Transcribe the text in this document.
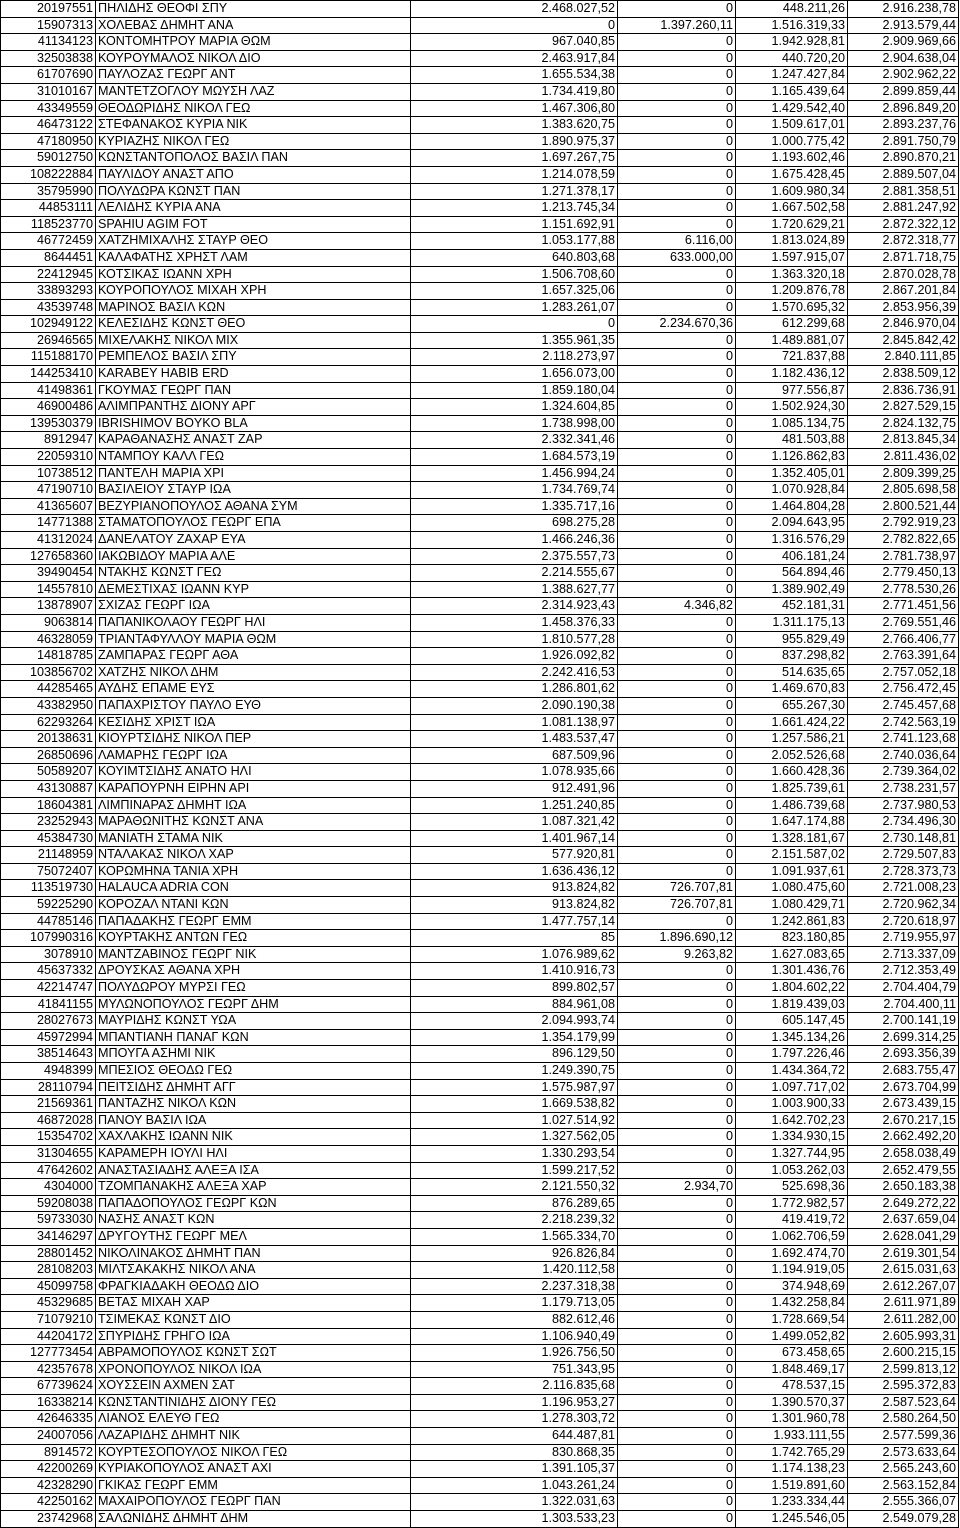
20197551	ΠΗΛΙΔΗΣ ΘΕΟΦΙ ΣΠΥ	2.468.027,52	0	448.211,26	2.916.238,78
15907313	ΧΟΛΕΒΑΣ ΔΗΜΗΤ ΑΝΑ	0	1.397.260,11	1.516.319,33	2.913.579,44
41134123	ΚΟΝΤΟΜΗΤΡΟΥ ΜΑΡΙΑ ΘΩΜ	967.040,85	0	1.942.928,81	2.909.969,66
32503838	ΚΟΥΡΟΥΜΑΛΟΣ ΝΙΚΟΛ ΔΙΟ	2.463.917,84	0	440.720,20	2.904.638,04
61707690	ΠΑΥΛΟΖΑΣ ΓΕΩΡΓ ΑΝΤ	1.655.534,38	0	1.247.427,84	2.902.962,22
31010167	ΜΑΝΤΕΤΖΟΓΛΟΥ ΜΩΥΣΗ ΛΑΖ	1.734.419,80	0	1.165.439,64	2.899.859,44
43349559	ΘΕΟΔΩΡΙΔΗΣ ΝΙΚΟΛ ΓΕΩ	1.467.306,80	0	1.429.542,40	2.896.849,20
46473122	ΣΤΕΦΑΝΑΚΟΣ ΚΥΡΙΑ ΝΙΚ	1.383.620,75	0	1.509.617,01	2.893.237,76
47180950	ΚΥΡΙΑΖΗΣ ΝΙΚΟΛ ΓΕΩ	1.890.975,37	0	1.000.775,42	2.891.750,79
59012750	ΚΩΝΣΤΑΝΤΟΠΟΛΟΣ ΒΑΣΙΛ ΠΑΝ	1.697.267,75	0	1.193.602,46	2.890.870,21
108222884	ΠΑΥΛΙΔΟΥ ΑΝΑΣΤ ΑΠΟ	1.214.078,59	0	1.675.428,45	2.889.507,04
35795990	ΠΟΛΥΔΩΡΑ ΚΩΝΣΤ ΠΑΝ	1.271.378,17	0	1.609.980,34	2.881.358,51
44853111	ΛΕΛΙΔΗΣ ΚΥΡΙΑ ΑΝΑ	1.213.745,34	0	1.667.502,58	2.881.247,92
118523770	SPAHIU AGIM FOT	1.151.692,91	0	1.720.629,21	2.872.322,12
46772459	ΧΑΤΖΗΜΙΧΑΛΗΣ ΣΤΑΥΡ ΘΕΟ	1.053.177,88	6.116,00	1.813.024,89	2.872.318,77
8644451	ΚΑΛΑΦΑΤΗΣ ΧΡΗΣΤ ΛΑΜ	640.803,68	633.000,00	1.597.915,07	2.871.718,75
22412945	ΚΟΤΣΙΚΑΣ ΙΩΑΝΝ ΧΡΗ	1.506.708,60	0	1.363.320,18	2.870.028,78
33893293	ΚΟΥΡΟΠΟΥΛΟΣ ΜΙΧΑΗ ΧΡΗ	1.657.325,06	0	1.209.876,78	2.867.201,84
43539748	ΜΑΡΙΝΟΣ ΒΑΣΙΛ ΚΩΝ	1.283.261,07	0	1.570.695,32	2.853.956,39
102949122	ΚΕΛΕΣΙΔΗΣ ΚΩΝΣΤ ΘΕΟ	0	2.234.670,36	612.299,68	2.846.970,04
26946565	ΜΙΧΕΛΑΚΗΣ ΝΙΚΟΛ ΜΙΧ	1.355.961,35	0	1.489.881,07	2.845.842,42
115188170	ΡΕΜΠΕΛΟΣ ΒΑΣΙΛ ΣΠΥ	2.118.273,97	0	721.837,88	2.840.111,85
144253410	KARABEY HABIB ERD	1.656.073,00	0	1.182.436,12	2.838.509,12
41498361	ΓΚΟΥΜΑΣ ΓΕΩΡΓ ΠΑΝ	1.859.180,04	0	977.556,87	2.836.736,91
46900486	ΑΛΙΜΠΡΑΝΤΗΣ ΔΙΟΝΥ ΑΡΓ	1.324.604,85	0	1.502.924,30	2.827.529,15
139530379	IBRISHIMOV BOYKO BLA	1.738.998,00	0	1.085.134,75	2.824.132,75
8912947	ΚΑΡΑΘΑΝΑΣΗΣ ΑΝΑΣΤ ΖΑΡ	2.332.341,46	0	481.503,88	2.813.845,34
22059310	ΝΤΑΜΠΟΥ ΚΑΛΛ ΓΕΩ	1.684.573,19	0	1.126.862,83	2.811.436,02
10738512	ΠΑΝΤΕΛΗ ΜΑΡΙΑ ΧΡΙ	1.456.994,24	0	1.352.405,01	2.809.399,25
47190710	ΒΑΣΙΛΕΙΟΥ ΣΤΑΥΡ ΙΩΑ	1.734.769,74	0	1.070.928,84	2.805.698,58
41365607	ΒΕΖΥΡΙΑΝΟΠΟΥΛΟΣ ΑΘΑΝΑ ΣΥΜ	1.335.717,16	0	1.464.804,28	2.800.521,44
14771388	ΣΤΑΜΑΤΟΠΟΥΛΟΣ ΓΕΩΡΓ ΕΠΑ	698.275,28	0	2.094.643,95	2.792.919,23
41312024	ΔΑΝΕΛΑΤΟΥ ΖΑΧΑΡ ΕΥΑ	1.466.246,36	0	1.316.576,29	2.782.822,65
127658360	ΙΑΚΩΒΙΔΟΥ ΜΑΡΙΑ ΑΛΕ	2.375.557,73	0	406.181,24	2.781.738,97
39490454	ΝΤΑΚΗΣ ΚΩΝΣΤ ΓΕΩ	2.214.555,67	0	564.894,46	2.779.450,13
14557810	ΔΕΜΕΣΤΙΧΑΣ ΙΩΑΝΝ ΚΥΡ	1.388.627,77	0	1.389.902,49	2.778.530,26
13878907	ΣΧΙΖΑΣ ΓΕΩΡΓ ΙΩΑ	2.314.923,43	4.346,82	452.181,31	2.771.451,56
9063814	ΠΑΠΑΝΙΚΟΛΑΟΥ ΓΕΩΡΓ ΗΛΙ	1.458.376,33	0	1.311.175,13	2.769.551,46
46328059	ΤΡΙΑΝΤΑΦΥΛΛΟΥ ΜΑΡΙΑ ΘΩΜ	1.810.577,28	0	955.829,49	2.766.406,77
14818785	ΖΑΜΠΑΡΑΣ ΓΕΩΡΓ ΑΘΑ	1.926.092,82	0	837.298,82	2.763.391,64
103856702	ΧΑΤΖΗΣ ΝΙΚΟΛ ΔΗΜ	2.242.416,53	0	514.635,65	2.757.052,18
44285465	ΑΥΔΗΣ ΕΠΑΜΕ ΕΥΣ	1.286.801,62	0	1.469.670,83	2.756.472,45
43382950	ΠΑΠΑΧΡΙΣΤΟΥ ΠΑΥΛΟ ΕΥΘ	2.090.190,38	0	655.267,30	2.745.457,68
62293264	ΚΕΣΙΔΗΣ ΧΡΙΣΤ ΙΩΑ	1.081.138,97	0	1.661.424,22	2.742.563,19
20138631	ΚΙΟΥΡΤΣΙΔΗΣ ΝΙΚΟΛ ΠΕΡ	1.483.537,47	0	1.257.586,21	2.741.123,68
26850696	ΛΑΜΑΡΗΣ ΓΕΩΡΓ ΙΩΑ	687.509,96	0	2.052.526,68	2.740.036,64
50589207	ΚΟΥΙΜΤΣΙΔΗΣ ΑΝΑΤΟ ΗΛΙ	1.078.935,66	0	1.660.428,36	2.739.364,02
43130887	ΚΑΡΑΠΟΥΡΝΗ ΕΙΡΗΝ ΑΡΙ	912.491,96	0	1.825.739,61	2.738.231,57
18604381	ΛΙΜΠΙΝΑΡΑΣ ΔΗΜΗΤ ΙΩΑ	1.251.240,85	0	1.486.739,68	2.737.980,53
23252943	ΜΑΡΑΘΩΝΙΤΗΣ ΚΩΝΣΤ ΑΝΑ	1.087.321,42	0	1.647.174,88	2.734.496,30
45384730	ΜΑΝΙΑΤΗ ΣΤΑΜΑ ΝΙΚ	1.401.967,14	0	1.328.181,67	2.730.148,81
21148959	ΝΤΑΛΑΚΑΣ ΝΙΚΟΛ ΧΑΡ	577.920,81	0	2.151.587,02	2.729.507,83
75072407	ΚΟΡΩΜΗΝΑ ΤΑΝΙΑ ΧΡΗ	1.636.436,12	0	1.091.937,61	2.728.373,73
113519730	HALAUCA ADRIA CON	913.824,82	726.707,81	1.080.475,60	2.721.008,23
59225290	ΚΟΡΟΖΑΛ ΝΤΑΝΙ ΚΩΝ	913.824,82	726.707,81	1.080.429,71	2.720.962,34
44785146	ΠΑΠΑΔΑΚΗΣ ΓΕΩΡΓ ΕΜΜ	1.477.757,14	0	1.242.861,83	2.720.618,97
107990316	ΚΟΥΡΤΑΚΗΣ ΑΝΤΩΝ ΓΕΩ	85	1.896.690,12	823.180,85	2.719.955,97
3078910	ΜΑΝΤΖΑΒΙΝΟΣ ΓΕΩΡΓ ΝΙΚ	1.076.989,62	9.263,82	1.627.083,65	2.713.337,09
45637332	ΔΡΟΥΣΚΑΣ ΑΘΑΝΑ ΧΡΗ	1.410.916,73	0	1.301.436,76	2.712.353,49
42214747	ΠΟΛΥΔΩΡΟΥ ΜΥΡΣΙ ΓΕΩ	899.802,57	0	1.804.602,22	2.704.404,79
41841155	ΜΥΛΩΝΟΠΟΥΛΟΣ ΓΕΩΡΓ ΔΗΜ	884.961,08	0	1.819.439,03	2.704.400,11
28027673	ΜΑΥΡΙΔΗΣ ΚΩΝΣΤ ΥΩΑ	2.094.993,74	0	605.147,45	2.700.141,19
45972994	ΜΠΑΝΤΙΑΝΗ ΠΑΝΑΓ ΚΩΝ	1.354.179,99	0	1.345.134,26	2.699.314,25
38514643	ΜΠΟΥΓΑ ΑΣΗΜΙ ΝΙΚ	896.129,50	0	1.797.226,46	2.693.356,39
4948399	ΜΠΕΣΙΟΣ ΘΕΟΔΩ ΓΕΩ	1.249.390,75	0	1.434.364,72	2.683.755,47
28110794	ΠΕΙΤΣΙΔΗΣ ΔΗΜΗΤ ΑΓΓ	1.575.987,97	0	1.097.717,02	2.673.704,99
21569361	ΠΑΝΤΑΖΗΣ ΝΙΚΟΛ ΚΩΝ	1.669.538,82	0	1.003.900,33	2.673.439,15
46872028	ΠΑΝΟΥ ΒΑΣΙΛ ΙΩΑ	1.027.514,92	0	1.642.702,23	2.670.217,15
15354702	ΧΑΧΛΑΚΗΣ ΙΩΑΝΝ ΝΙΚ	1.327.562,05	0	1.334.930,15	2.662.492,20
31304655	ΚΑΡΑΜΕΡΗ ΙΟΥΛΙ ΗΛΙ	1.330.293,54	0	1.327.744,95	2.658.038,49
47642602	ΑΝΑΣΤΑΣΙΑΔΗΣ ΑΛΕΞΑ ΙΣΑ	1.599.217,52	0	1.053.262,03	2.652.479,55
4304000	ΤΖΟΜΠΑΝΑΚΗΣ ΑΛΕΞΑ ΧΑΡ	2.121.550,32	2.934,70	525.698,36	2.650.183,38
59208038	ΠΑΠΑΔΟΠΟΥΛΟΣ ΓΕΩΡΓ ΚΩΝ	876.289,65	0	1.772.982,57	2.649.272,22
59733030	ΝΑΣΗΣ ΑΝΑΣΤ ΚΩΝ	2.218.239,32	0	419.419,72	2.637.659,04
34146297	ΔΡΥΓΟΥΤΗΣ ΓΕΩΡΓ ΜΕΛ	1.565.334,70	0	1.062.706,59	2.628.041,29
28801452	ΝΙΚΟΛΙΝΑΚΟΣ ΔΗΜΗΤ ΠΑΝ	926.826,84	0	1.692.474,70	2.619.301,54
28108203	ΜΙΛΤΣΑΚΑΚΗΣ ΝΙΚΟΛ ΑΝΑ	1.420.112,58	0	1.194.919,05	2.615.031,63
45099758	ΦΡΑΓΚΙΑΔΑΚΗ ΘΕΟΔΩ ΔΙΟ	2.237.318,38	0	374.948,69	2.612.267,07
45329685	ΒΕΤΑΣ ΜΙΧΑΗ ΧΑΡ	1.179.713,05	0	1.432.258,84	2.611.971,89
71079210	ΤΣΙΜΕΚΑΣ ΚΩΝΣΤ ΔΙΟ	882.612,46	0	1.728.669,54	2.611.282,00
44204172	ΣΠΥΡΙΔΗΣ ΓΡΗΓΟ ΙΩΑ	1.106.940,49	0	1.499.052,82	2.605.993,31
127773454	ΑΒΡΑΜΟΠΟΥΛΟΣ ΚΩΝΣΤ ΣΩΤ	1.926.756,50	0	673.458,65	2.600.215,15
42357678	ΧΡΟΝΟΠΟΥΛΟΣ ΝΙΚΟΛ ΙΩΑ	751.343,95	0	1.848.469,17	2.599.813,12
67739624	ΧΟΥΣΣΕΙΝ ΑΧΜΕΝ ΣΑΤ	2.116.835,68	0	478.537,15	2.595.372,83
16338214	ΚΩΝΣΤΑΝΤΙΝΙΔΗΣ ΔΙΟΝΥ ΓΕΩ	1.196.953,27	0	1.390.570,37	2.587.523,64
42646335	ΛΙΑΝΟΣ ΕΛΕΥΘ ΓΕΩ	1.278.303,72	0	1.301.960,78	2.580.264,50
24007056	ΛΑΖΑΡΙΔΗΣ ΔΗΜΗΤ ΝΙΚ	644.487,81	0	1.933.111,55	2.577.599,36
8914572	ΚΟΥΡΤΕΣΟΠΟΥΛΟΣ ΝΙΚΟΛ ΓΕΩ	830.868,35	0	1.742.765,29	2.573.633,64
42200269	ΚΥΡΙΑΚΟΠΟΥΛΟΣ ΑΝΑΣΤ ΑΧΙ	1.391.105,37	0	1.174.138,23	2.565.243,60
42328290	ΓΚΙΚΑΣ ΓΕΩΡΓ ΕΜΜ	1.043.261,24	0	1.519.891,60	2.563.152,84
42250162	ΜΑΧΑΙΡΟΠΟΥΛΟΣ ΓΕΩΡΓ ΠΑΝ	1.322.031,63	0	1.233.334,44	2.555.366,07
23742968	ΣΑΛΩΝΙΔΗΣ ΔΗΜΗΤ ΔΗΜ	1.303.533,23	0	1.245.546,05	2.549.079,28
